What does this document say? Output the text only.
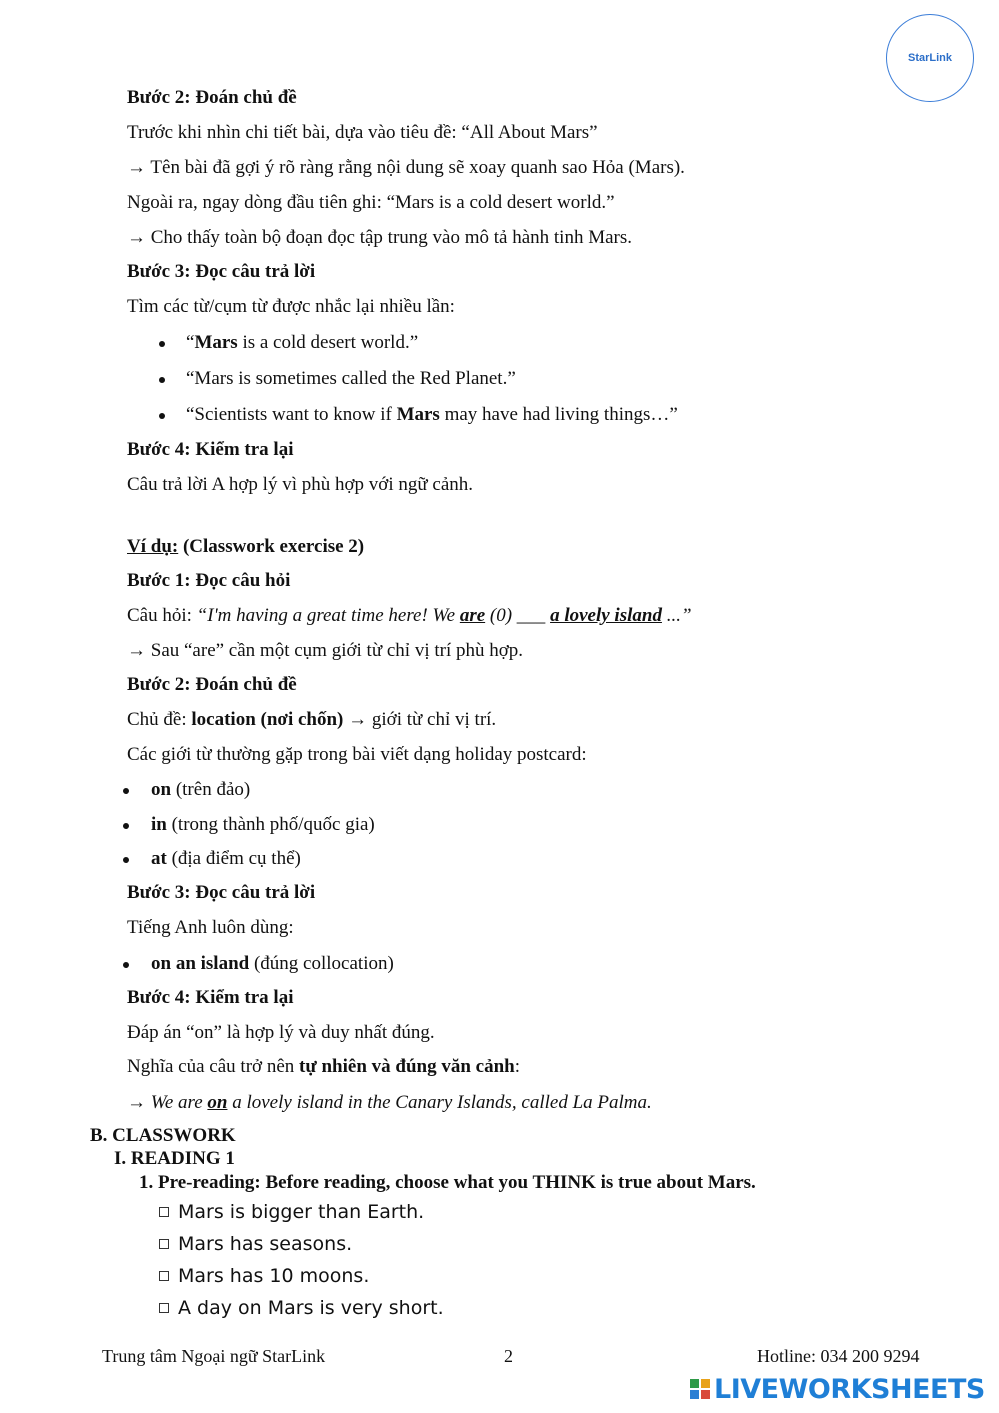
StarLink
Bước 2: Đoán chủ đề
Trước khi nhìn chi tiết bài, dựa vào tiêu đề: “All About Mars”
→ Tên bài đã gợi ý rõ ràng rằng nội dung sẽ xoay quanh sao Hỏa (Mars).
Ngoài ra, ngay dòng đầu tiên ghi: “Mars is a cold desert world.”
→ Cho thấy toàn bộ đoạn đọc tập trung vào mô tả hành tinh Mars.
Bước 3: Đọc câu trả lời
Tìm các từ/cụm từ được nhắc lại nhiều lần:
“Mars is a cold desert world.”
“Mars is sometimes called the Red Planet.”
“Scientists want to know if Mars may have had living things…”
Bước 4: Kiểm tra lại
Câu trả lời A hợp lý vì phù hợp với ngữ cảnh.
Ví dụ: (Classwork exercise 2)
Bước 1: Đọc câu hỏi
Câu hỏi: “I'm having a great time here! We are (0) ___ a lovely island ...”
→ Sau “are” cần một cụm giới từ chỉ vị trí phù hợp.
Bước 2: Đoán chủ đề
Chủ đề: location (nơi chốn) → giới từ chỉ vị trí.
Các giới từ thường gặp trong bài viết dạng holiday postcard:
on (trên đảo)
in (trong thành phố/quốc gia)
at (địa điểm cụ thể)
Bước 3: Đọc câu trả lời
Tiếng Anh luôn dùng:
on an island (đúng collocation)
Bước 4: Kiểm tra lại
Đáp án “on” là hợp lý và duy nhất đúng.
Nghĩa của câu trở nên tự nhiên và đúng văn cảnh:
→ We are on a lovely island in the Canary Islands, called La Palma.
B. CLASSWORK
I. READING 1
1. Pre-reading: Before reading, choose what you THINK is true about Mars.
Mars is bigger than Earth.
Mars has seasons.
Mars has 10 moons.
A day on Mars is very short.
Trung tâm Ngoại ngữ StarLink	2	Hotline: 034 200 9294
LIVEWORKSHEETS
